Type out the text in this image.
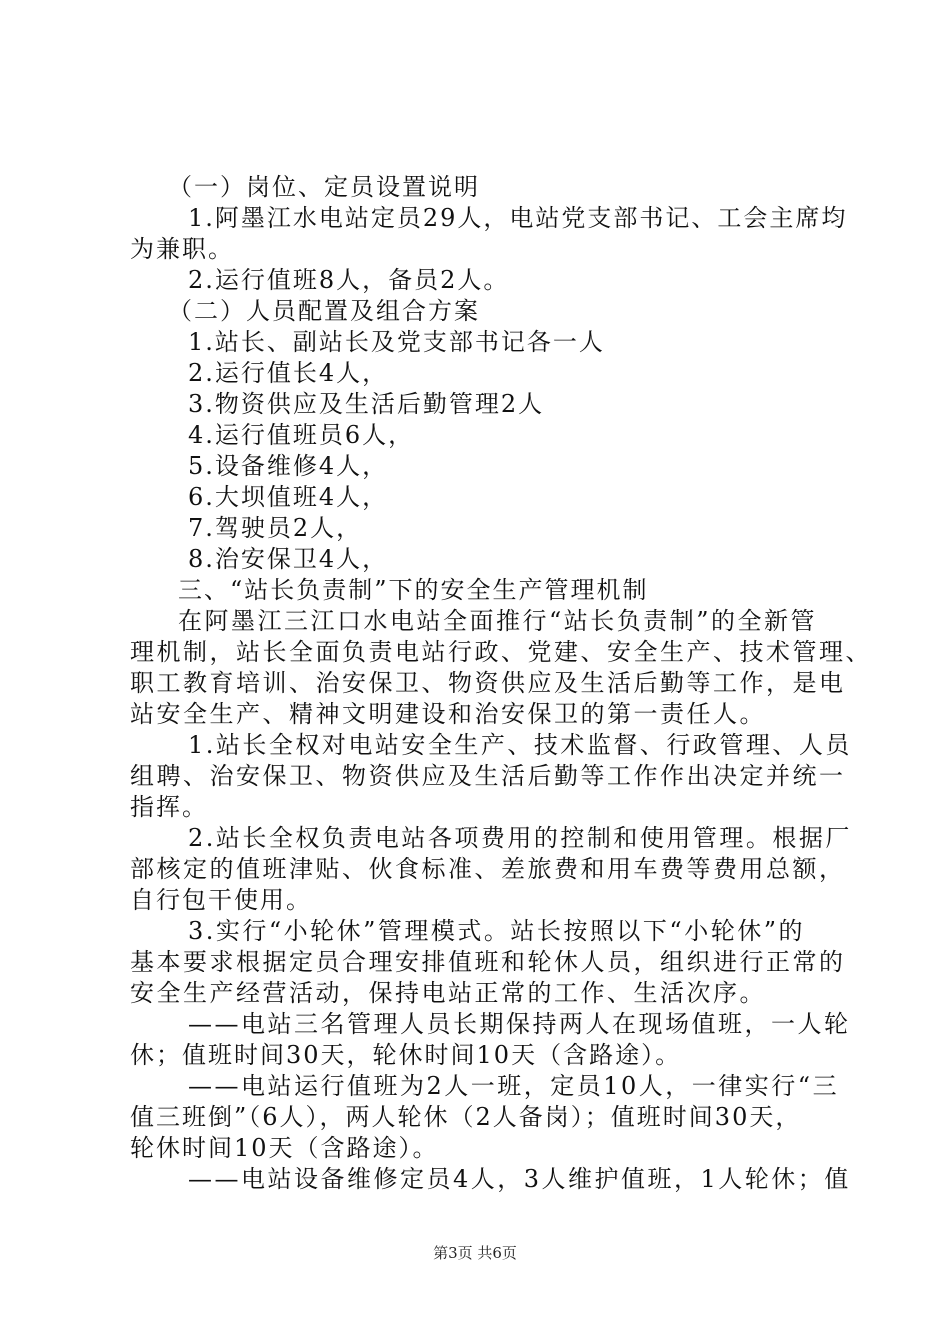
（一）岗位、定员设置说明
1.阿墨江水电站定员29人，电站党支部书记、工会主席均
为兼职。
2.运行值班8人，备员2人。
（二）人员配置及组合方案
1.站长、副站长及党支部书记各一人
2.运行值长4人，
3.物资供应及生活后勤管理2人
4.运行值班员6人，
5.设备维修4人，
6.大坝值班4人，
7.驾驶员2人，
8.治安保卫4人，
三、“站长负责制”下的安全生产管理机制
在阿墨江三江口水电站全面推行“站长负责制”的全新管
理机制，站长全面负责电站行政、党建、安全生产、技术管理、
职工教育培训、治安保卫、物资供应及生活后勤等工作，是电
站安全生产、精神文明建设和治安保卫的第一责任人。
1.站长全权对电站安全生产、技术监督、行政管理、人员
组聘、治安保卫、物资供应及生活后勤等工作作出决定并统一
指挥。
2.站长全权负责电站各项费用的控制和使用管理。根据厂
部核定的值班津贴、伙食标准、差旅费和用车费等费用总额，
自行包干使用。
3.实行“小轮休”管理模式。站长按照以下“小轮休”的
基本要求根据定员合理安排值班和轮休人员，组织进行正常的
安全生产经营活动，保持电站正常的工作、生活次序。
——电站三名管理人员长期保持两人在现场值班，一人轮
休；值班时间30天，轮休时间10天（含路途）。
——电站运行值班为2人一班，定员10人，一律实行“三
值三班倒”（6人），两人轮休（2人备岗）；值班时间30天，
轮休时间10天（含路途）。
——电站设备维修定员4人，3人维护值班，1人轮休；值
第3页 共6页
